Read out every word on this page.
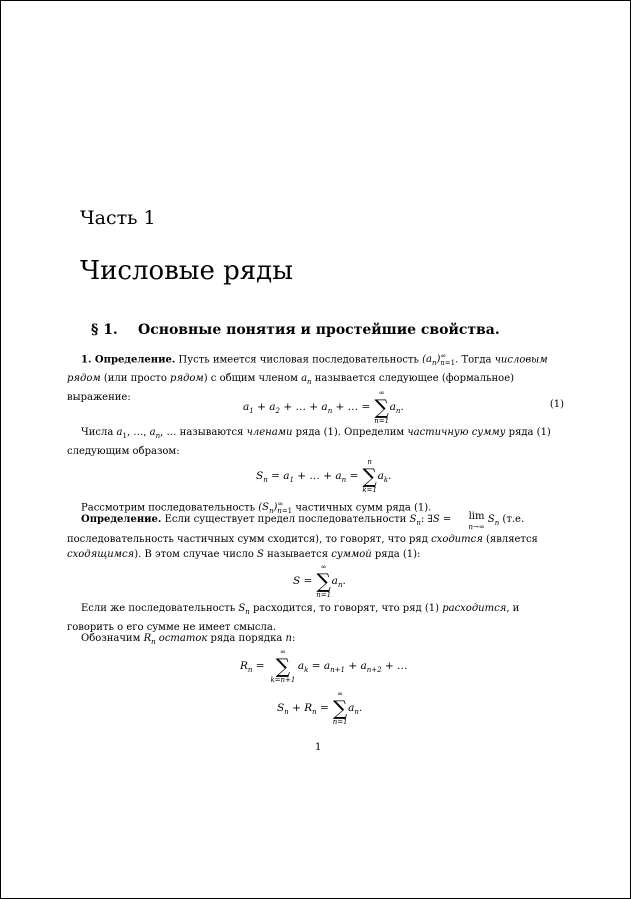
Часть 1
Числовые ряды
§ 1. Основные понятия и простейшие свойства.
1. Определение. Пусть имеется числовая последовательность $(a_n)^\infty_{n=1}$. Тогда числовым рядом (или просто рядом) с общим членом $a_n$ называется следующее (формальное) выражение:
$a_1 + a_2$ + … + $a_n$ + … =
∞
∑
n=1
$a_n$.	(1)
Числа $a_1$, …, $a_n$, … называются членами ряда (1). Определим частичную сумму ряда (1) следующим образом:
$S_n = a_1$ + … + $a_n$ =
n
∑
k=1
$a_k$.
Рассмотрим последовательность $(S_n)^\infty_{n=1}$ частичных сумм ряда (1).
Определение. Если существует предел последовательности $S_n$: ∃S = lim
n→∞
$S_n$ (т.е. последовательность частичных сумм сходится), то говорят, что ряд сходится (является сходящимся). В этом случае число S называется суммой ряда (1):
S =
∞
∑
n=1
$a_n$.
Если же последовательность $S_n$ расходится, то говорят, что ряд (1) расходится, и говорить о его сумме не имеет смысла.
Обозначим $R_n$ остаток ряда порядка n:
$R_n$ =
∞
∑
k=n+1
$a_k = a_{n+1} + a_{n+2}$ + …
$S_n + R_n$ =
∞
∑
n=1
$a_n$.
1
